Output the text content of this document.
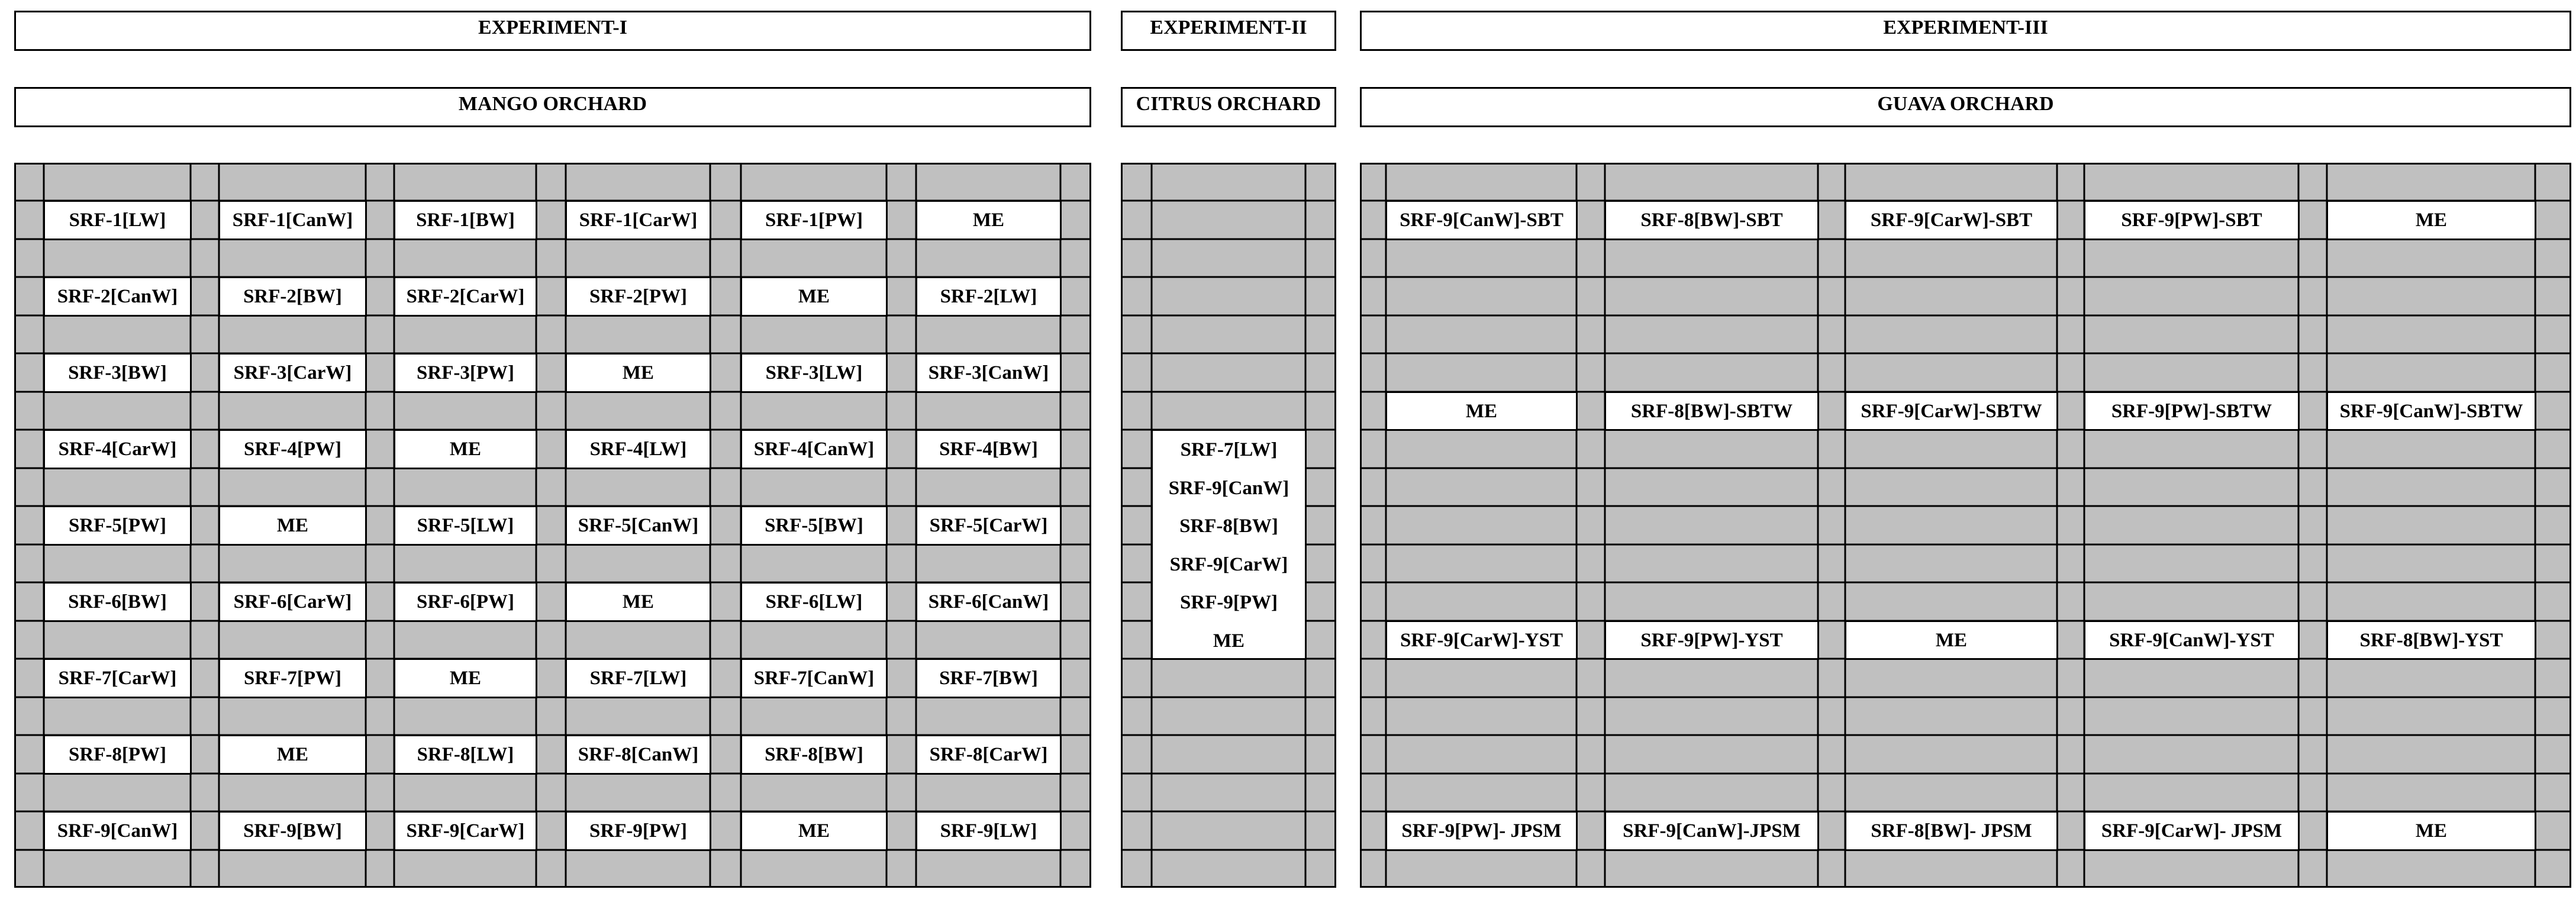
EXPERIMENT-I	EXPERIMENT-II	EXPERIMENT-III
MANGO ORCHARD	CITRUS ORCHARD	GUAVA ORCHARD
SRF-1[LW]	SRF-1[CanW]	SRF-1[BW]	SRF-1[CarW]	SRF-1[PW]	ME
SRF-2[CanW]	SRF-2[BW]	SRF-2[CarW]	SRF-2[PW]	ME	SRF-2[LW]
SRF-3[BW]	SRF-3[CarW]	SRF-3[PW]	ME	SRF-3[LW]	SRF-3[CanW]
SRF-4[CarW]	SRF-4[PW]	ME	SRF-4[LW]	SRF-4[CanW]	SRF-4[BW]
SRF-5[PW]	ME	SRF-5[LW]	SRF-5[CanW]	SRF-5[BW]	SRF-5[CarW]
SRF-6[BW]	SRF-6[CarW]	SRF-6[PW]	ME	SRF-6[LW]	SRF-6[CanW]
SRF-7[CarW]	SRF-7[PW]	ME	SRF-7[LW]	SRF-7[CanW]	SRF-7[BW]
SRF-8[PW]	ME	SRF-8[LW]	SRF-8[CanW]	SRF-8[BW]	SRF-8[CarW]
SRF-9[CanW]	SRF-9[BW]	SRF-9[CarW]	SRF-9[PW]	ME	SRF-9[LW]
SRF-7[LW]
SRF-9[CanW]
SRF-8[BW]
SRF-9[CarW]
SRF-9[PW]
ME
SRF-9[CanW]-SBT	SRF-8[BW]-SBT	SRF-9[CarW]-SBT	SRF-9[PW]-SBT	ME
ME	SRF-8[BW]-SBTW	SRF-9[CarW]-SBTW	SRF-9[PW]-SBTW	SRF-9[CanW]-SBTW
SRF-9[CarW]-YST	SRF-9[PW]-YST	ME	SRF-9[CanW]-YST	SRF-8[BW]-YST
SRF-9[PW]- JPSM	SRF-9[CanW]-JPSM	SRF-8[BW]- JPSM	SRF-9[CarW]- JPSM	ME
